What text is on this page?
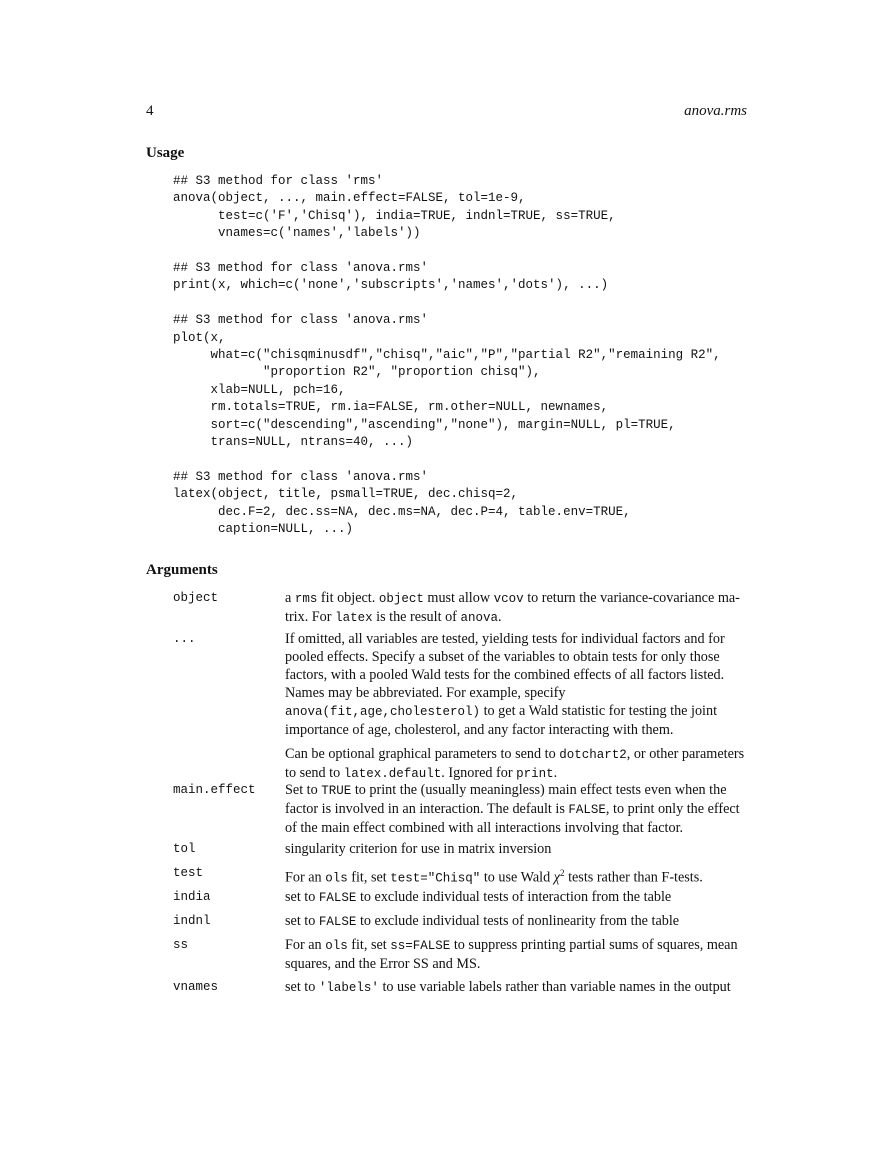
4	anova.rms
Usage
## S3 method for class 'rms'
anova(object, ..., main.effect=FALSE, tol=1e-9,
test=c('F','Chisq'), india=TRUE, indnl=TRUE, ss=TRUE,
vnames=c('names','labels'))

## S3 method for class 'anova.rms'
print(x, which=c('none','subscripts','names','dots'), ...)

## S3 method for class 'anova.rms'
plot(x,
what=c("chisqminusdf","chisq","aic","P","partial R2","remaining R2",
"proportion R2", "proportion chisq"),
xlab=NULL, pch=16,
rm.totals=TRUE, rm.ia=FALSE, rm.other=NULL, newnames,
sort=c("descending","ascending","none"), margin=NULL, pl=TRUE,
trans=NULL, ntrans=40, ...)

## S3 method for class 'anova.rms'
latex(object, title, psmall=TRUE, dec.chisq=2,
dec.F=2, dec.ss=NA, dec.ms=NA, dec.P=4, table.env=TRUE,
caption=NULL, ...)
Arguments
object	a rms fit object. object must allow vcov to return the variance-covariance ma-trix. For latex is the result of anova.

...	If omitted, all variables are tested, yielding tests for individual factors and for pooled effects. Specify a subset of the variables to obtain tests for only those factors, with a pooled Wald tests for the combined effects of all factors listed. Names may be abbreviated. For example, specify anova(fit,age,cholesterol) to get a Wald statistic for testing the joint importance of age, cholesterol, and any factor interacting with them.

Can be optional graphical parameters to send to dotchart2, or other parameters to send to latex.default. Ignored for print.

main.effect Set to TRUE to print the (usually meaningless) main effect tests even when the factor is involved in an interaction. The default is FALSE, to print only the effect of the main effect combined with all interactions involving that factor.

tol	singularity criterion for use in matrix inversion

test	For an ols fit, set test="Chisq" to use Wald $\chi^2$ tests rather than F-tests.

india	set to FALSE to exclude individual tests of interaction from the table

indnl	set to FALSE to exclude individual tests of nonlinearity from the table

ss	For an ols fit, set ss=FALSE to suppress printing partial sums of squares, mean squares, and the Error SS and MS.

vnames	set to 'labels' to use variable labels rather than variable names in the output
